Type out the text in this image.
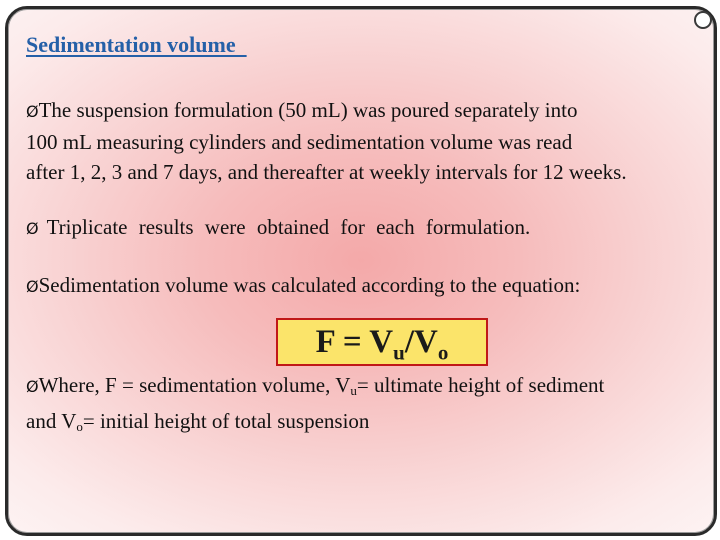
Sedimentation volume
ØThe suspension formulation (50 mL) was poured separately into
100 mL measuring cylinders and sedimentation volume was read
after 1, 2, 3 and 7 days, and thereafter at weekly intervals for 12 weeks.
Ø Triplicate results were obtained for each formulation.
ØSedimentation volume was calculated according to the equation:
$F = V_u/V_o$
ØWhere, F = sedimentation volume, Vu= ultimate height of sediment
and Vo= initial height of total suspension
